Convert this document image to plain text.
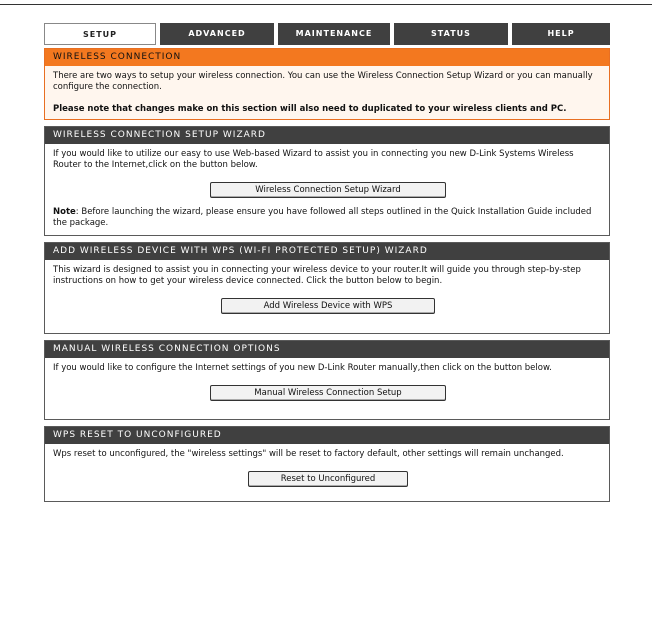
SETUP	ADVANCED	MAINTENANCE	STATUS	HELP
WIRELESS CONNECTION

There are two ways to setup your wireless connection. You can use the Wireless Connection Setup Wizard or you can manually configure the connection.

Please note that changes make on this section will also need to duplicated to your wireless clients and PC.

WIRELESS CONNECTION SETUP WIZARD

If you would like to utilize our easy to use Web-based Wizard to assist you in connecting you new D-Link Systems Wireless Router to the Internet,click on the button below.

Wireless Connection Setup Wizard

Note: Before launching the wizard, please ensure you have followed all steps outlined in the Quick Installation Guide included the package.

ADD WIRELESS DEVICE WITH WPS (WI-FI PROTECTED SETUP) WIZARD

This wizard is designed to assist you in connecting your wireless device to your router.It will guide you through step-by-step instructions on how to get your wireless device connected. Click the button below to begin.

Add Wireless Device with WPS
MANUAL WIRELESS CONNECTION OPTIONS

If you would like to configure the Internet settings of you new D-Link Router manually,then click on the button below.

Manual Wireless Connection Setup
WPS RESET TO UNCONFIGURED

Wps reset to unconfigured, the "wireless settings" will be reset to factory default, other settings will remain unchanged.

Reset to Unconfigured
